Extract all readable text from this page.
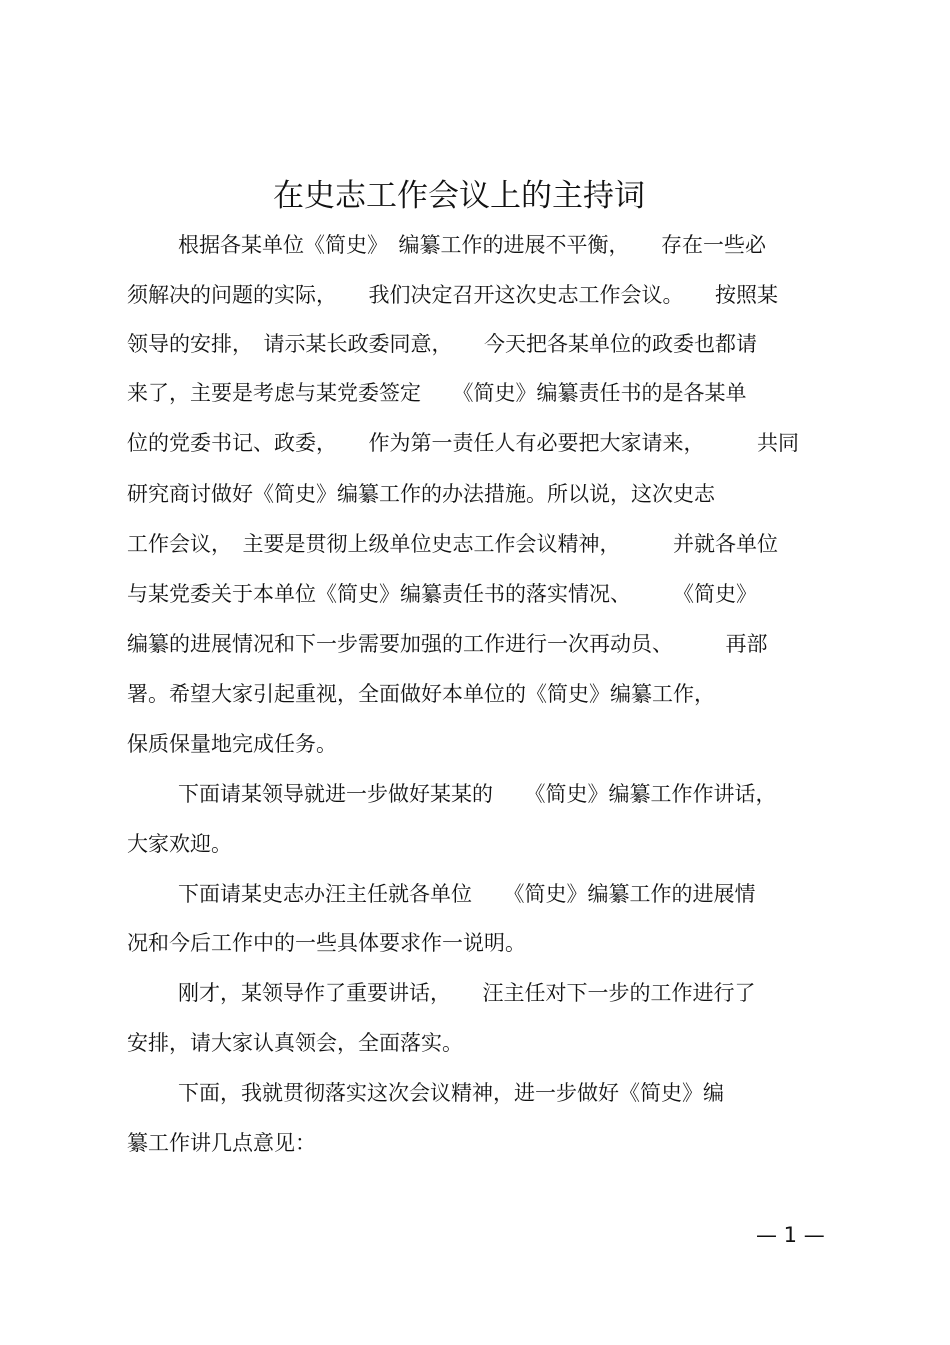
在史志工作会议上的主持词
根据各某单位《简史》　编纂工作的进展不平衡，　　存在一些必
须解决的问题的实际，　　我们决定召开这次史志工作会议。　　按照某
领导的安排，　请示某长政委同意，　　今天把各某单位的政委也都请
来了，主要是考虑与某党委签定　　《简史》编纂责任书的是各某单
位的党委书记、政委，　　作为第一责任人有必要把大家请来，　　　共同
研究商讨做好《简史》编纂工作的办法措施。所以说，这次史志
工作会议，　主要是贯彻上级单位史志工作会议精神，　　　并就各单位
与某党委关于本单位《简史》编纂责任书的落实情况、　　　《简史》
编纂的进展情况和下一步需要加强的工作进行一次再动员、　　　再部
署。希望大家引起重视，全面做好本单位的《简史》编纂工作，
保质保量地完成任务。
下面请某领导就进一步做好某某的　　《简史》编纂工作作讲话，
大家欢迎。
下面请某史志办汪主任就各单位　　《简史》编纂工作的进展情
况和今后工作中的一些具体要求作一说明。
刚才，某领导作了重要讲话，　　汪主任对下一步的工作进行了
安排，请大家认真领会，全面落实。
下面，我就贯彻落实这次会议精神，进一步做好《简史》编
纂工作讲几点意见：
— 1 —
